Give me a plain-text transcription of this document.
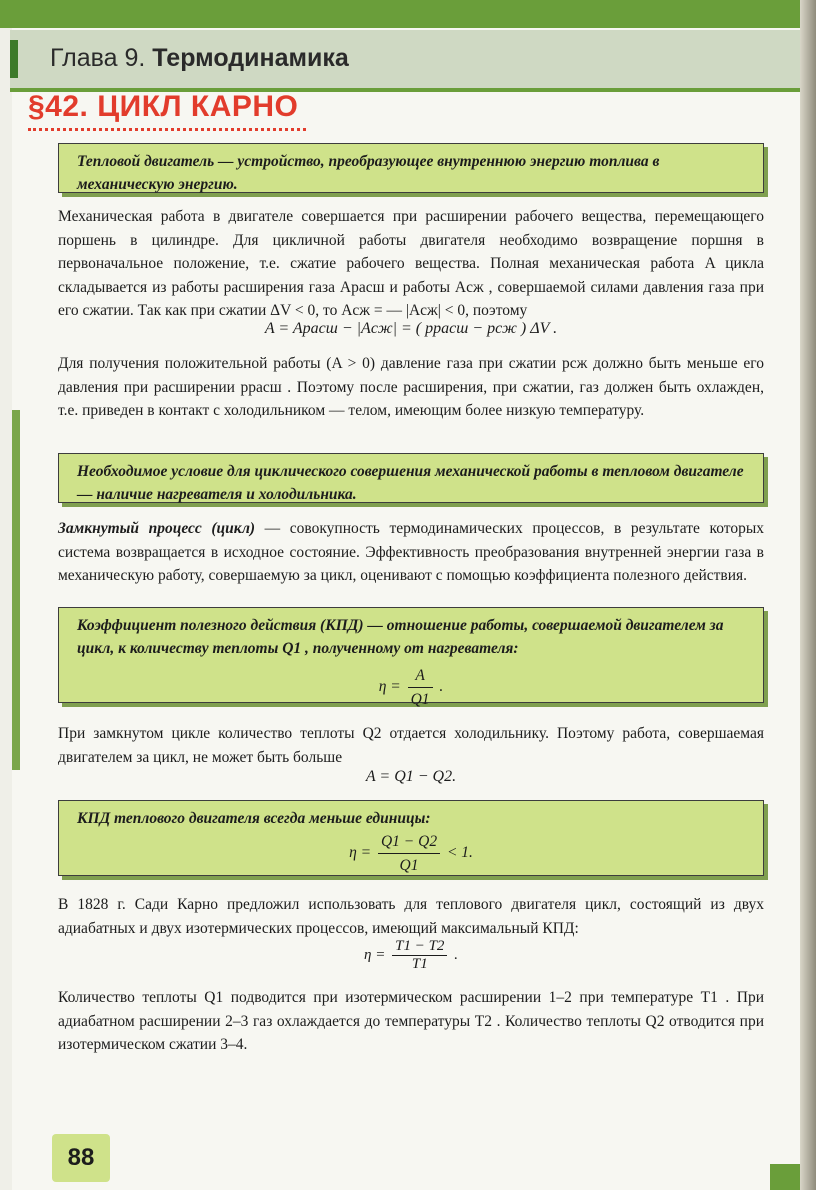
Глава 9. Термодинамика
§42. ЦИКЛ КАРНО
Тепловой двигатель — устройство, преобразующее внутреннюю энергию топлива в механическую энергию.
Механическая работа в двигателе совершается при расширении рабочего вещества, перемещающего поршень в цилиндре. Для цикличной работы двигателя необходимо возвращение поршня в первоначальное положение, т.е. сжатие рабочего вещества. Полная механическая работа A цикла складывается из работы расширения газа Aрасш и работы Aсж , совершаемой силами давления газа при его сжатии. Так как при сжатии ΔV < 0, то Aсж = — |Aсж| < 0, поэтому
A = Aрасш − |Aсж| = ( pрасш − pсж ) ΔV .
Для получения положительной работы (A > 0) давление газа при сжатии pсж должно быть меньше его давления при расширении pрасш . Поэтому после расширения, при сжатии, газ должен быть охлажден, т.е. приведен в контакт с холодильником — телом, имеющим более низкую температуру.
Необходимое условие для циклического совершения механической работы в тепловом двигателе — наличие нагревателя и холодильника.
Замкнутый процесс (цикл) — совокупность термодинамических процессов, в результате которых система возвращается в исходное состояние. Эффективность преобразования внутренней энергии газа в механическую работу, совершаемую за цикл, оценивают с помощью коэффициента полезного действия.
Коэффициент полезного действия (КПД) — отношение работы, совершаемой двигателем за цикл, к количеству теплоты Q1 , полученному от нагревателя:
$\eta = \frac{A}{Q1}$ .
При замкнутом цикле количество теплоты Q2 отдается холодильнику. Поэтому работа, совершаемая двигателем за цикл, не может быть больше
A = Q1 − Q2.
КПД теплового двигателя всегда меньше единицы:
$\eta = \frac{Q1 - Q2}{Q1} < 1$.
В 1828 г. Сади Карно предложил использовать для теплового двигателя цикл, состоящий из двух адиабатных и двух изотермических процессов, имеющий максимальный КПД:
$\eta = \frac{T1 - T2}{T1}$ .
Количество теплоты Q1 подводится при изотермическом расширении 1–2 при температуре T1 . При адиабатном расширении 2–3 газ охлаждается до температуры T2 . Количество теплоты Q2 отводится при изотермическом сжатии 3–4.
88
